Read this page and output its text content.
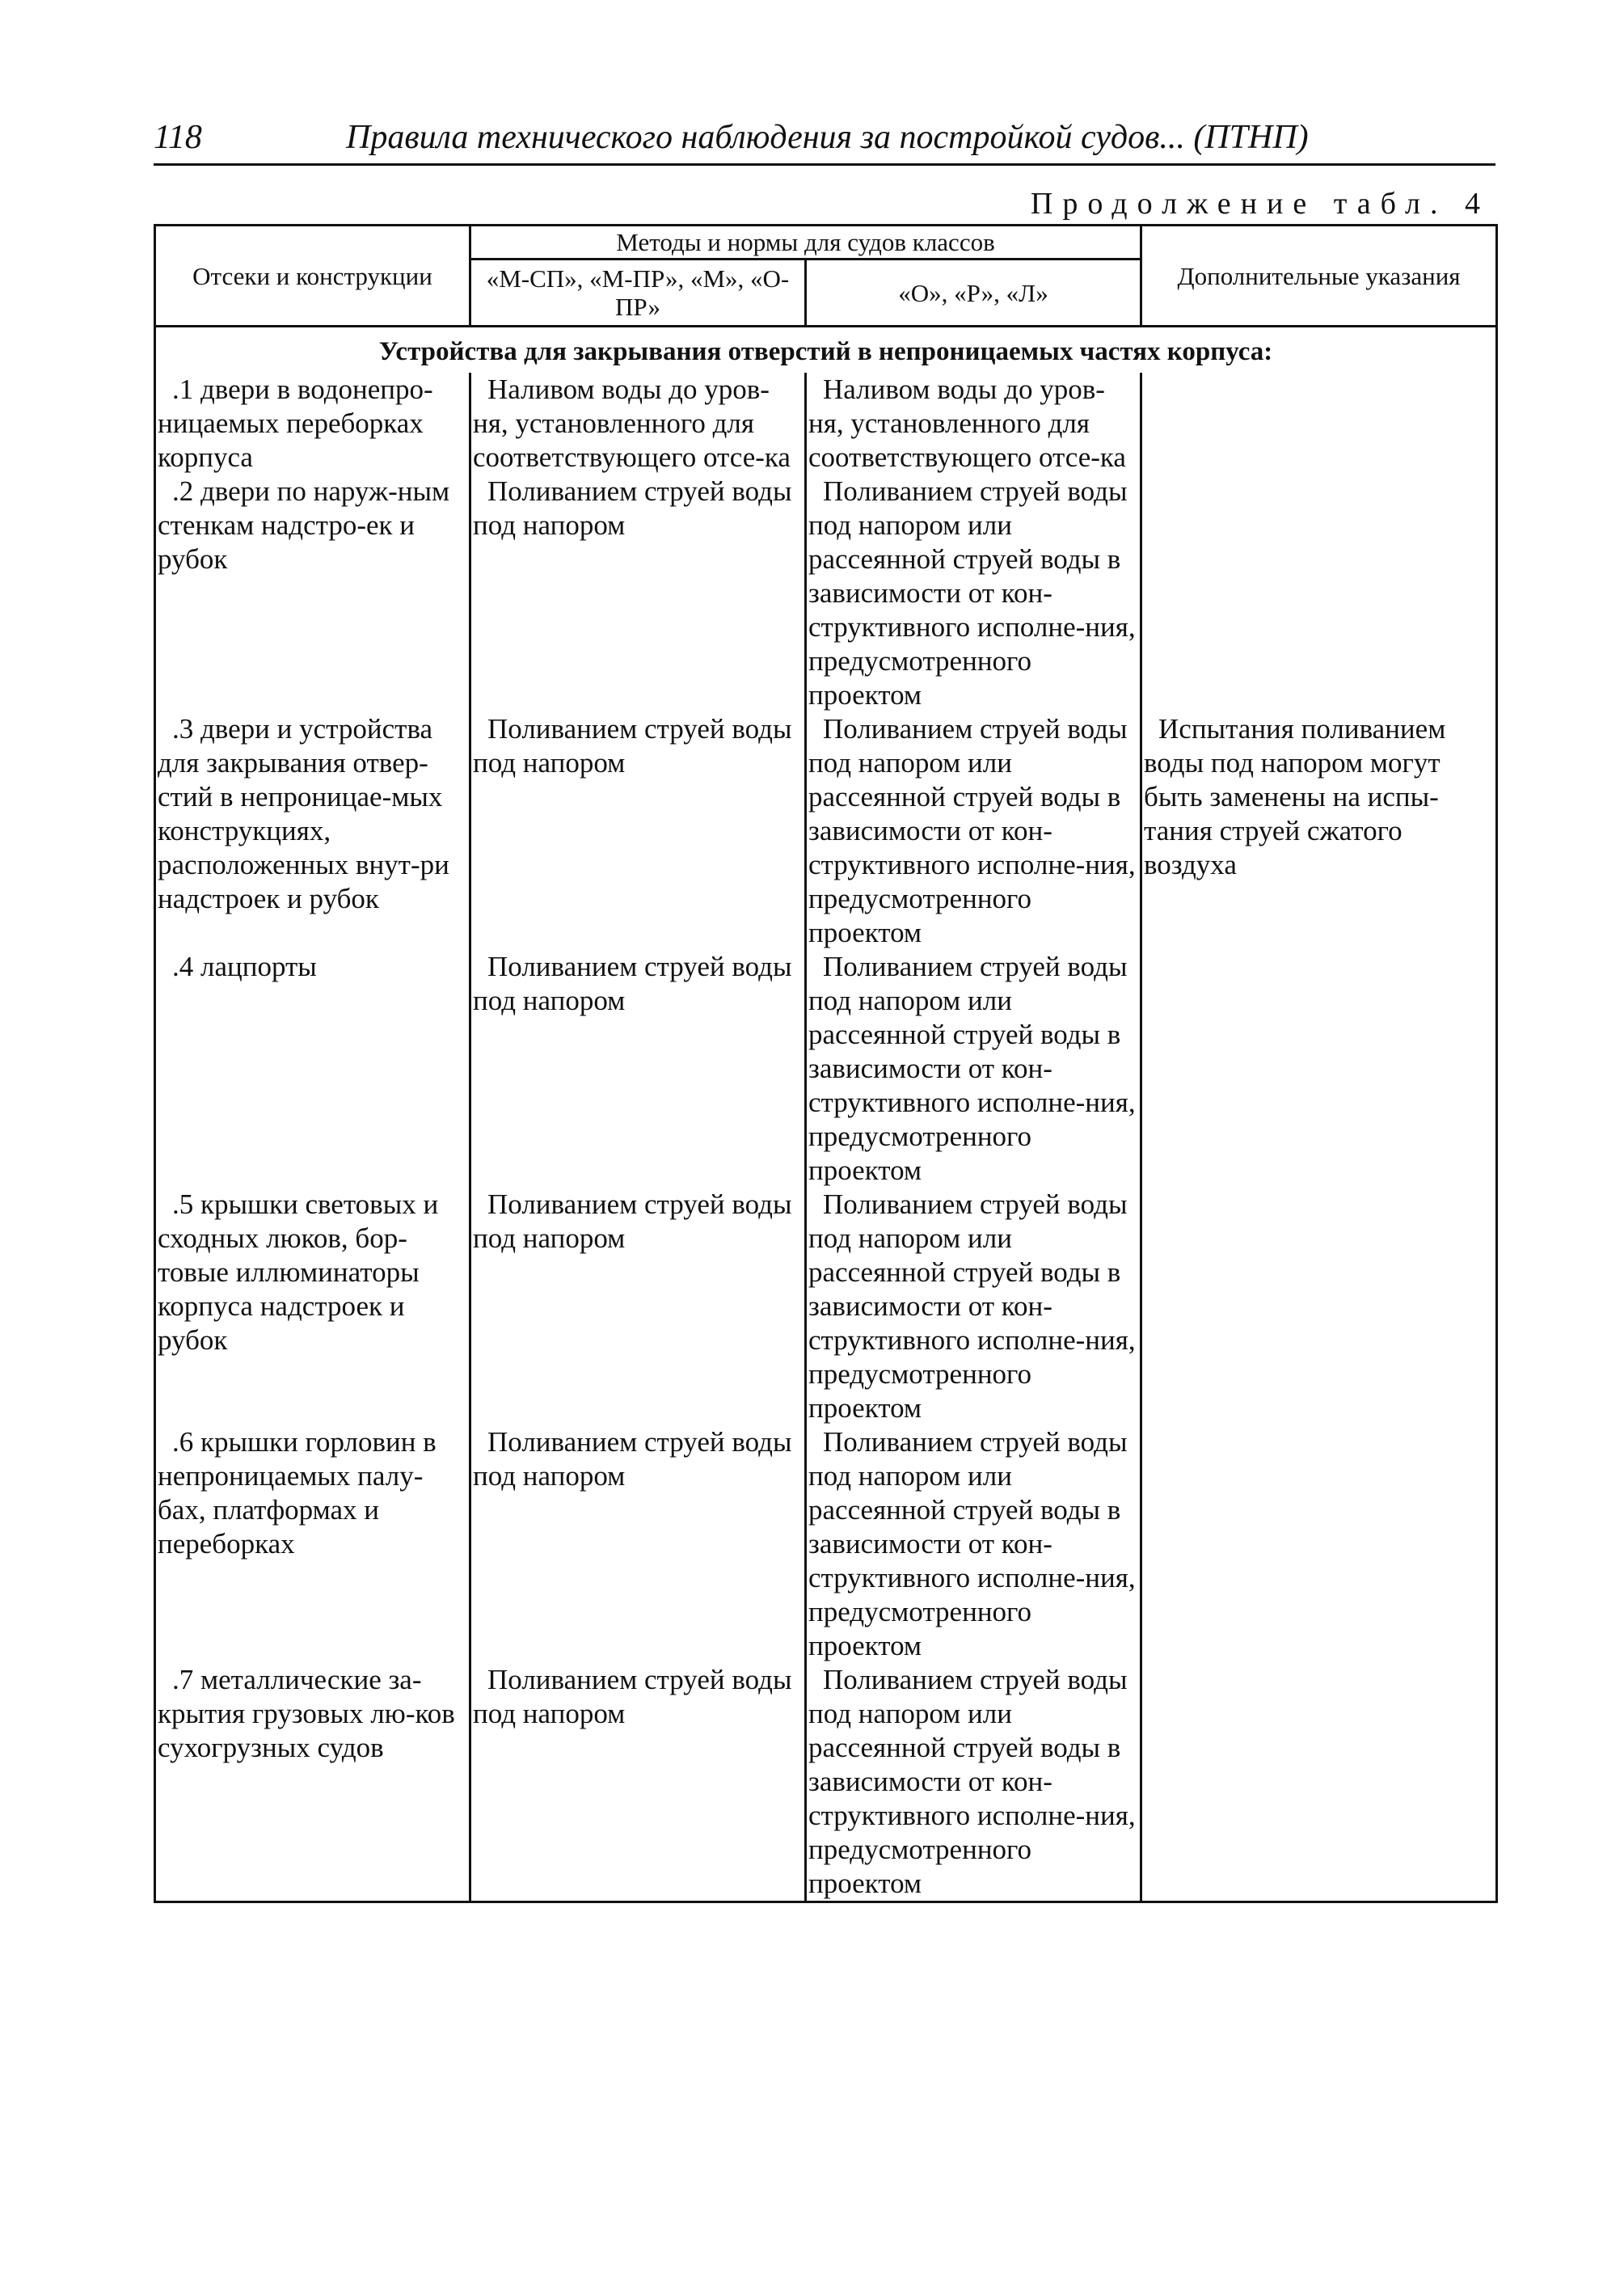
118	Правила технического наблюдения за постройкой судов... (ПТНП)
Продолжение табл. 4
Отсеки и конструкции	Методы и нормы для судов классов		Дополнительные указания
	«М-СП», «М-ПР», «М», «О-ПР»	«О», «Р», «Л»	
Устройства для закрывания отверстий в непроницаемых частях корпуса:			

.1 двери в водонепро-ницаемых переборках корпуса	Наливом воды до уров-ня, установленного для соответствующего отсе-ка	Наливом воды до уров-ня, установленного для соответствующего отсе-ка	

.2 двери по наруж-ным стенкам надстро-ек и рубок	Поливанием струей воды под напором	Поливанием струей воды под напором или рассеянной струей воды в зависимости от кон-структивного исполне-ния, предусмотренного проектом	

.3 двери и устройства для закрывания отвер-стий в непроницае-мых конструкциях, расположенных внут-ри надстроек и рубок	Поливанием струей воды под напором	Поливанием струей воды под напором или рассеянной струей воды в зависимости от кон-структивного исполне-ния, предусмотренного проектом	Испытания поливанием воды под напором могут быть заменены на испы-тания струей сжатого воздуха

.4 лацпорты	Поливанием струей воды под напором	Поливанием струей воды под напором или рассеянной струей воды в зависимости от кон-структивного исполне-ния, предусмотренного проектом	

.5 крышки световых и сходных люков, бор-товые иллюминаторы корпуса надстроек и рубок	Поливанием струей воды под напором	Поливанием струей воды под напором или рассеянной струей воды в зависимости от кон-структивного исполне-ния, предусмотренного проектом	

.6 крышки горловин в непроницаемых палу-бах, платформах и переборках	Поливанием струей воды под напором	Поливанием струей воды под напором или рассеянной струей воды в зависимости от кон-структивного исполне-ния, предусмотренного проектом	

.7 металлические за-крытия грузовых лю-ков сухогрузных судов	Поливанием струей воды под напором	Поливанием струей воды под напором или рассеянной струей воды в зависимости от кон-структивного исполне-ния, предусмотренного проектом	
